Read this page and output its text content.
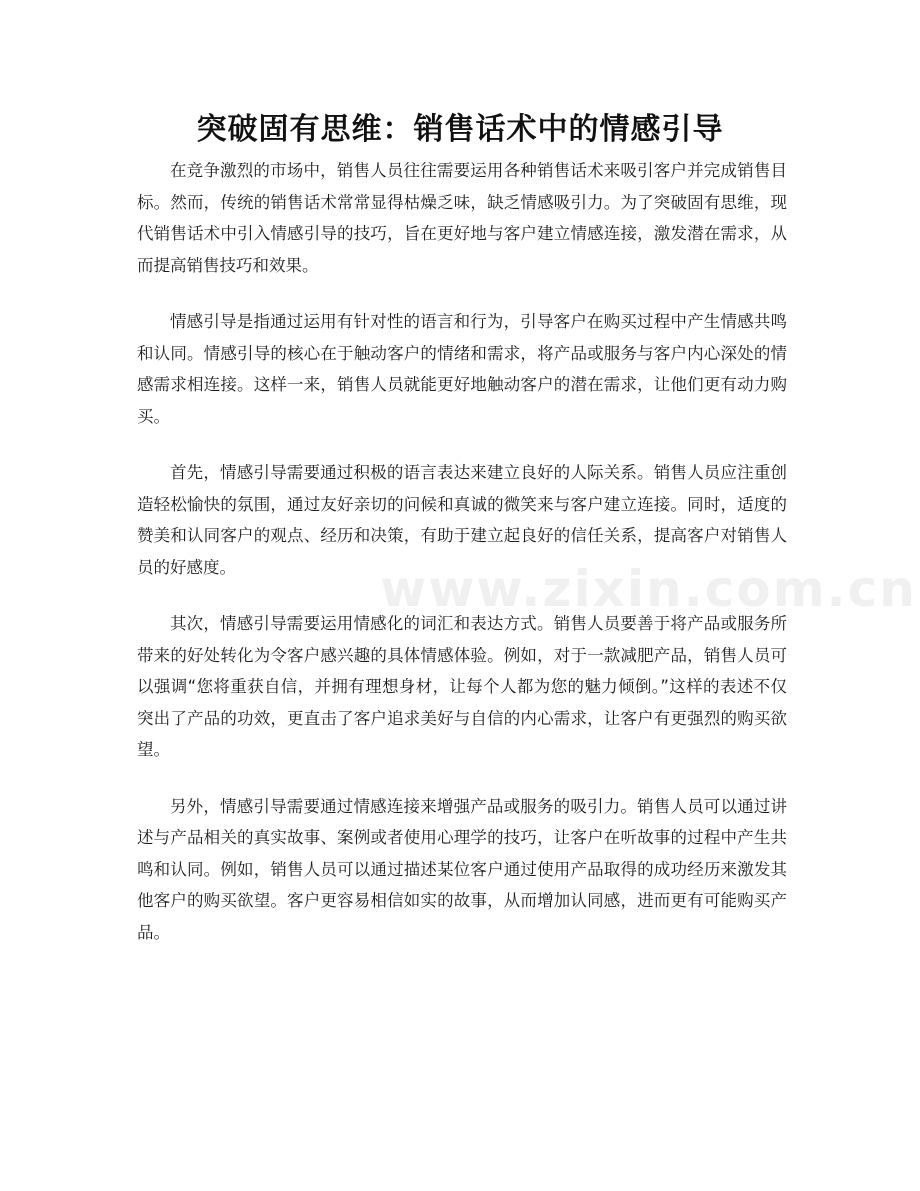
突破固有思维：销售话术中的情感引导

在竞争激烈的市场中，销售人员往往需要运用各种销售话术来吸引客户并完成销售目标。然而，传统的销售话术常常显得枯燥乏味，缺乏情感吸引力。为了突破固有思维，现代销售话术中引入情感引导的技巧，旨在更好地与客户建立情感连接，激发潜在需求，从而提高销售技巧和效果。

情感引导是指通过运用有针对性的语言和行为，引导客户在购买过程中产生情感共鸣和认同。情感引导的核心在于触动客户的情绪和需求，将产品或服务与客户内心深处的情感需求相连接。这样一来，销售人员就能更好地触动客户的潜在需求，让他们更有动力购买。

首先，情感引导需要通过积极的语言表达来建立良好的人际关系。销售人员应注重创造轻松愉快的氛围，通过友好亲切的问候和真诚的微笑来与客户建立连接。同时，适度的赞美和认同客户的观点、经历和决策，有助于建立起良好的信任关系，提高客户对销售人员的好感度。

其次，情感引导需要运用情感化的词汇和表达方式。销售人员要善于将产品或服务所带来的好处转化为令客户感兴趣的具体情感体验。例如，对于一款减肥产品，销售人员可以强调“您将重获自信，并拥有理想身材，让每个人都为您的魅力倾倒。”这样的表述不仅突出了产品的功效，更直击了客户追求美好与自信的内心需求，让客户有更强烈的购买欲望。

另外，情感引导需要通过情感连接来增强产品或服务的吸引力。销售人员可以通过讲述与产品相关的真实故事、案例或者使用心理学的技巧，让客户在听故事的过程中产生共鸣和认同。例如，销售人员可以通过描述某位客户通过使用产品取得的成功经历来激发其他客户的购买欲望。客户更容易相信如实的故事，从而增加认同感，进而更有可能购买产品。

www.zixin.com.cn
